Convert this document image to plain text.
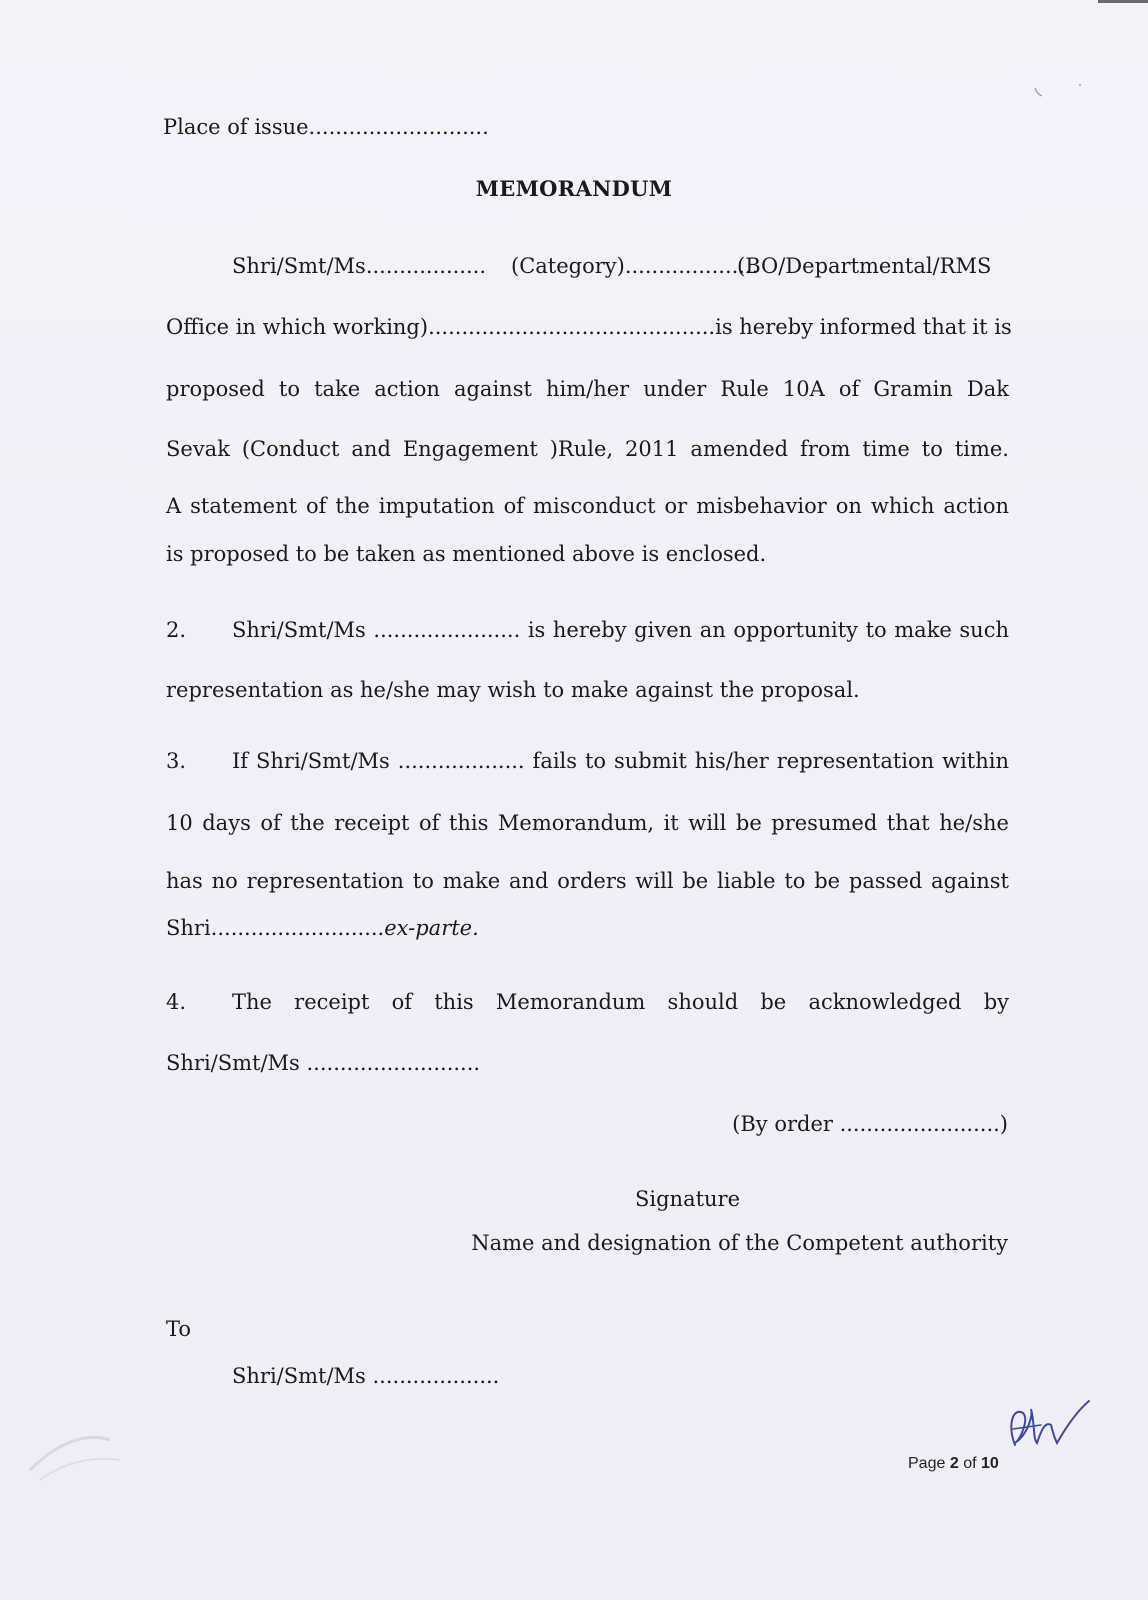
Place of issue...........................
MEMORANDUM
Shri/Smt/Ms.................. (Category)....................
(BO/Departmental/RMS
Office in which working)...........................................is hereby informed that it is
proposed to take action against him/her under Rule 10A of Gramin Dak
Sevak (Conduct and Engagement )Rule, 2011 amended from time to time.
A statement of the imputation of misconduct or misbehavior on which action
is proposed to be taken as mentioned above is enclosed.
2. Shri/Smt/Ms ...................... is hereby given an opportunity to make such
representation as he/she may wish to make against the proposal.
3. If Shri/Smt/Ms ................... fails to submit his/her representation within
10 days of the receipt of this Memorandum, it will be presumed that he/she
has no representation to make and orders will be liable to be passed against
Shri..........................ex-parte.
4. The receipt of this Memorandum should be acknowledged by
Shri/Smt/Ms ..........................
(By order ........................)
Signature
Name and designation of the Competent authority
To
Shri/Smt/Ms ...................
Page 2 of 10
